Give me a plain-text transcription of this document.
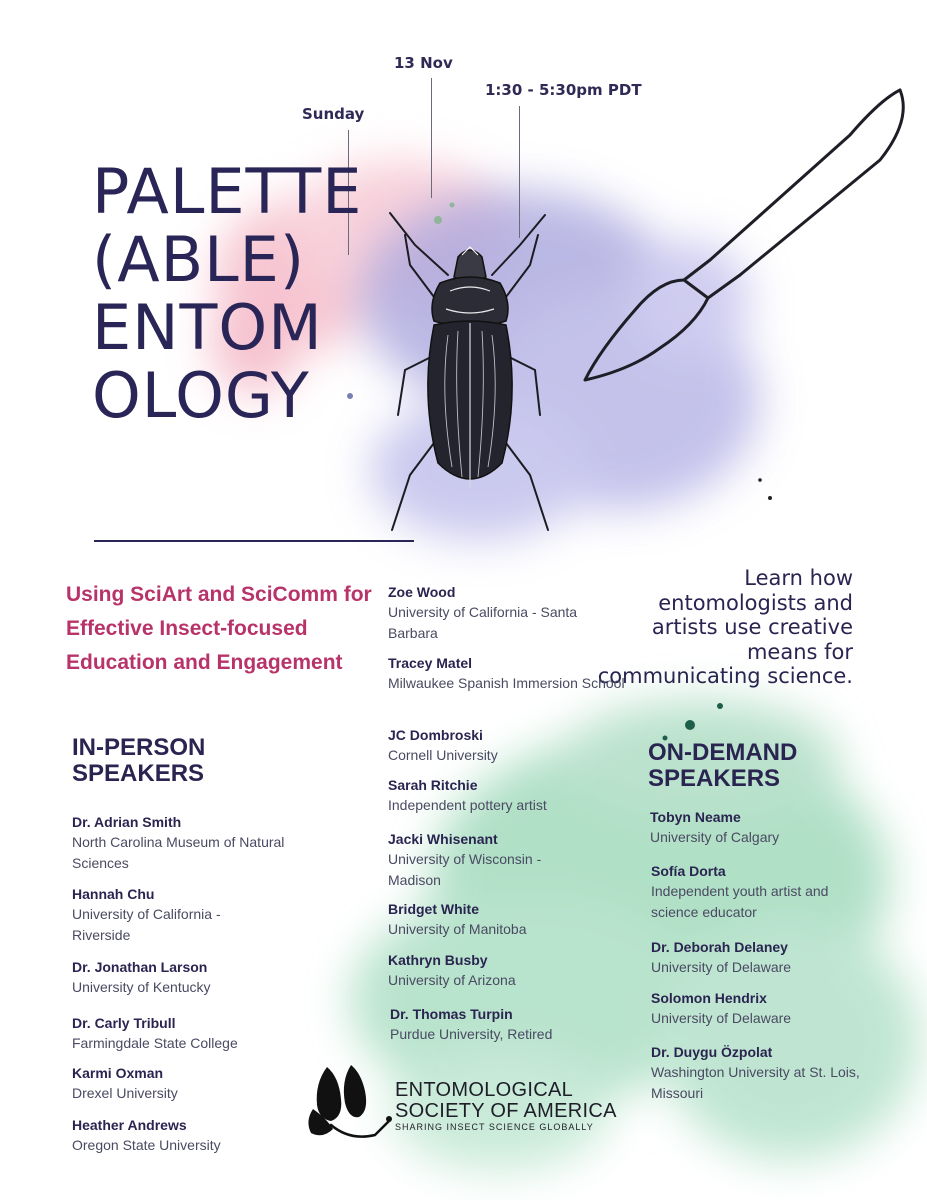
Sunday
13 Nov
1:30 - 5:30pm PDT
PALETTE
(ABLE)
ENTOM
OLOGY
Using SciArt and SciComm for Effective Insect-focused Education and Engagement
Learn how entomologists and artists use creative means for communicating science.
IN-PERSON
SPEAKERS
Dr. Adrian Smith
North Carolina Museum of Natural Sciences
Hannah Chu
University of California - Riverside
Dr. Jonathan Larson
University of Kentucky
Dr. Carly Tribull
Farmingdale State College
Karmi Oxman
Drexel University
Heather Andrews
Oregon State University
Zoe Wood
University of California - Santa Barbara
Tracey Matel
Milwaukee Spanish Immersion School
JC Dombroski
Cornell University
Sarah Ritchie
Independent pottery artist
Jacki Whisenant
University of Wisconsin - Madison
Bridget White
University of Manitoba
Kathryn Busby
University of Arizona
Dr. Thomas Turpin
Purdue University, Retired
ON-DEMAND
SPEAKERS
Tobyn Neame
University of Calgary
Sofía Dorta
Independent youth artist and science educator
Dr. Deborah Delaney
University of Delaware
Solomon Hendrix
University of Delaware
Dr. Duygu Özpolat
Washington University at St. Lois, Missouri
ENTOMOLOGICAL
SOCIETY OF AMERICA
SHARING INSECT SCIENCE GLOBALLY
